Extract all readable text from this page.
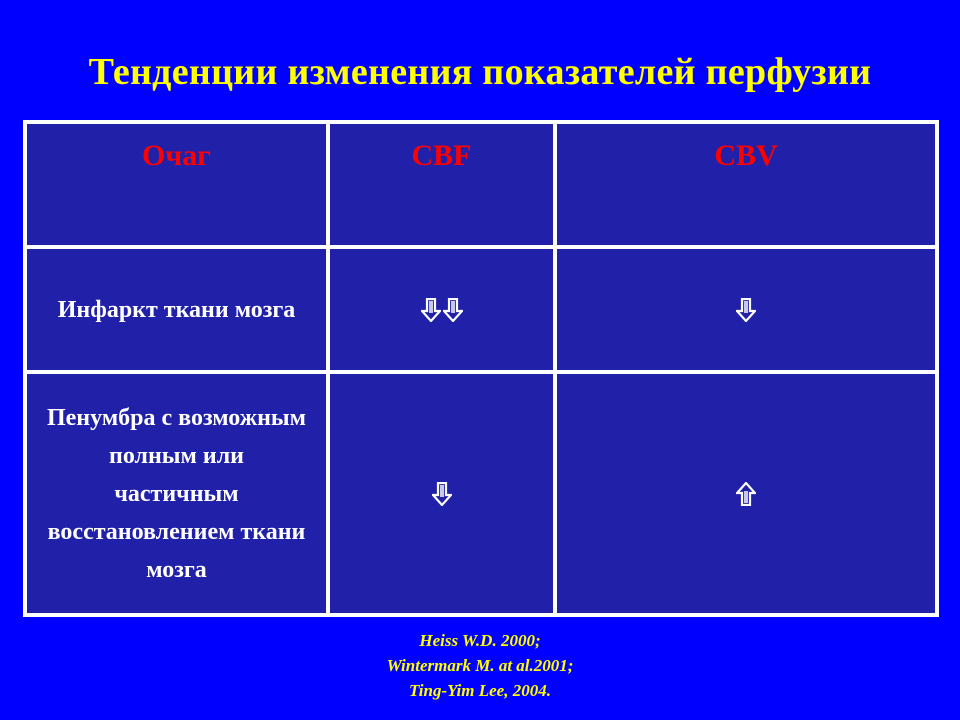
Тенденции изменения показателей перфузии
Очаг	CBF	CBV
Инфаркт ткани мозга
Пенумбра с возможным полным или частичным восстановлением ткани мозга
Heiss W.D. 2000;
Wintermark M. at al.2001;
Ting-Yim Lee, 2004.
